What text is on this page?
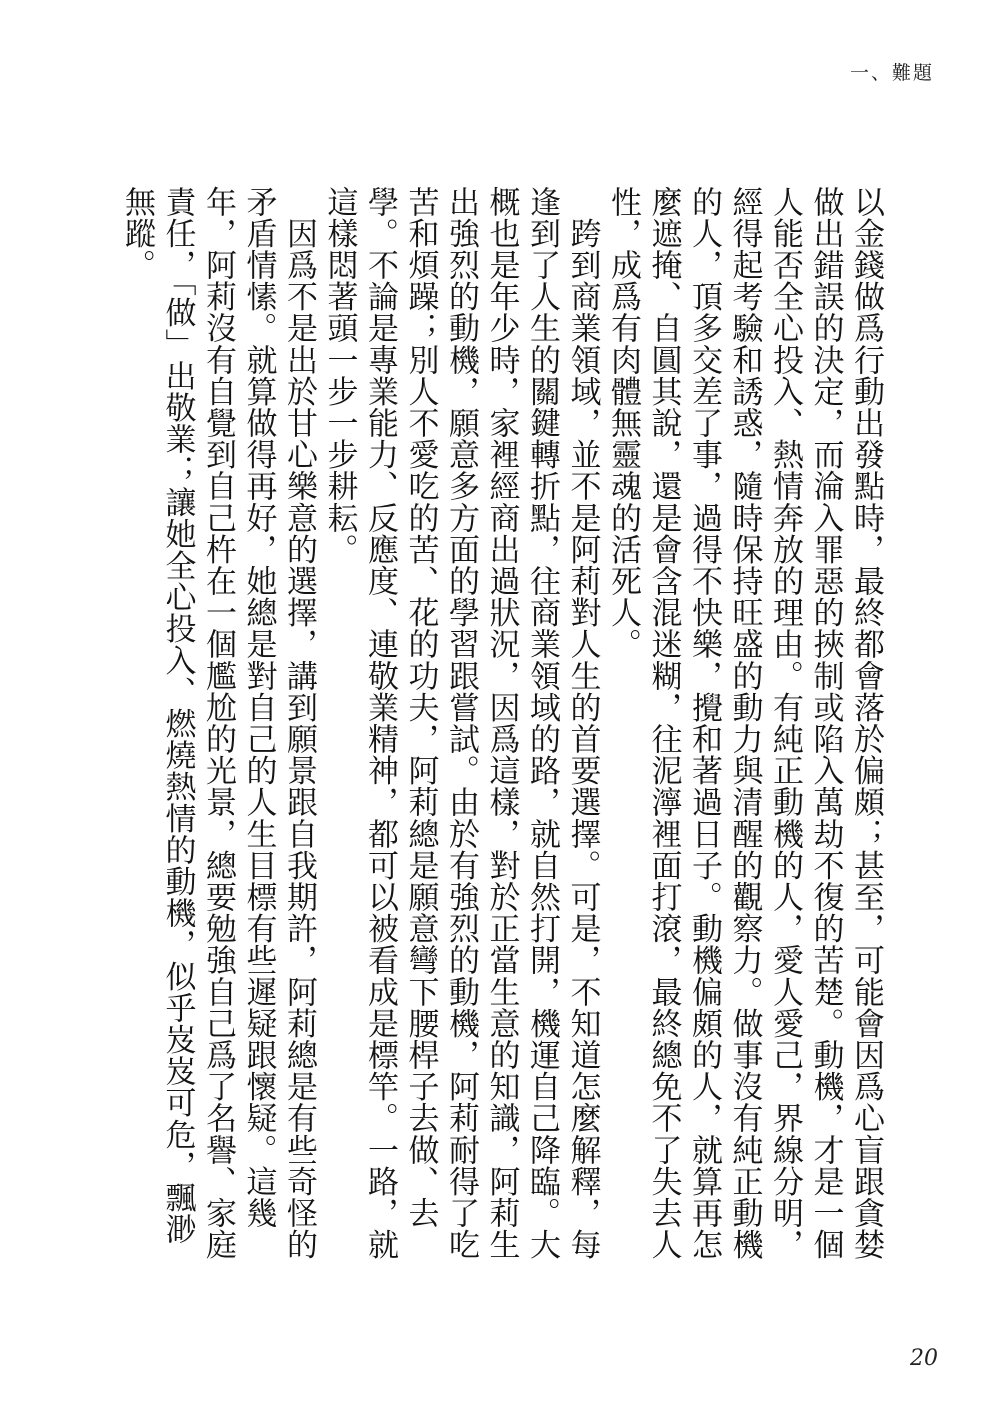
一、難題

以金錢做爲行動出發點時，最終都會落於偏頗；甚至，可能會因爲心盲跟貪婪做出錯誤的決定，而淪入罪惡的挾制或陷入萬劫不復的苦楚。動機，才是一個人能否全心投入、熱情奔放的理由。有純正動機的人，愛人愛己，界線分明，經得起考驗和誘惑，隨時保持旺盛的動力與清醒的觀察力。做事沒有純正動機的人，頂多交差了事，過得不快樂，攪和著過日子。動機偏頗的人，就算再怎麼遮掩、自圓其說，還是會含混迷糊，往泥濘裡面打滾，最終總免不了失去人性，成爲有肉體無靈魂的活死人。

　跨到商業領域，並不是阿莉對人生的首要選擇。可是，不知道怎麼解釋，每逢到了人生的關鍵轉折點，往商業領域的路，就自然打開，機運自己降臨。大概也是年少時，家裡經商出過狀況，因爲這樣，對於正當生意的知識，阿莉生出強烈的動機，願意多方面的學習跟嘗試。由於有強烈的動機，阿莉耐得了吃苦和煩躁；別人不愛吃的苦、花的功夫，阿莉總是願意彎下腰桿子去做、去學。不論是專業能力、反應度、連敬業精神，都可以被看成是標竿。一路，就這樣悶著頭一步一步耕耘。

　因爲不是出於甘心樂意的選擇，講到願景跟自我期許，阿莉總是有些奇怪的矛盾情愫。就算做得再好，她總是對自己的人生目標有些遲疑跟懷疑。這幾年，阿莉沒有自覺到自己杵在一個尷尬的光景，總要勉強自己爲了名譽、家庭責任，「做」出敬業；讓她全心投入、燃燒熱情的動機，似乎岌岌可危，飄渺無蹤。

20
